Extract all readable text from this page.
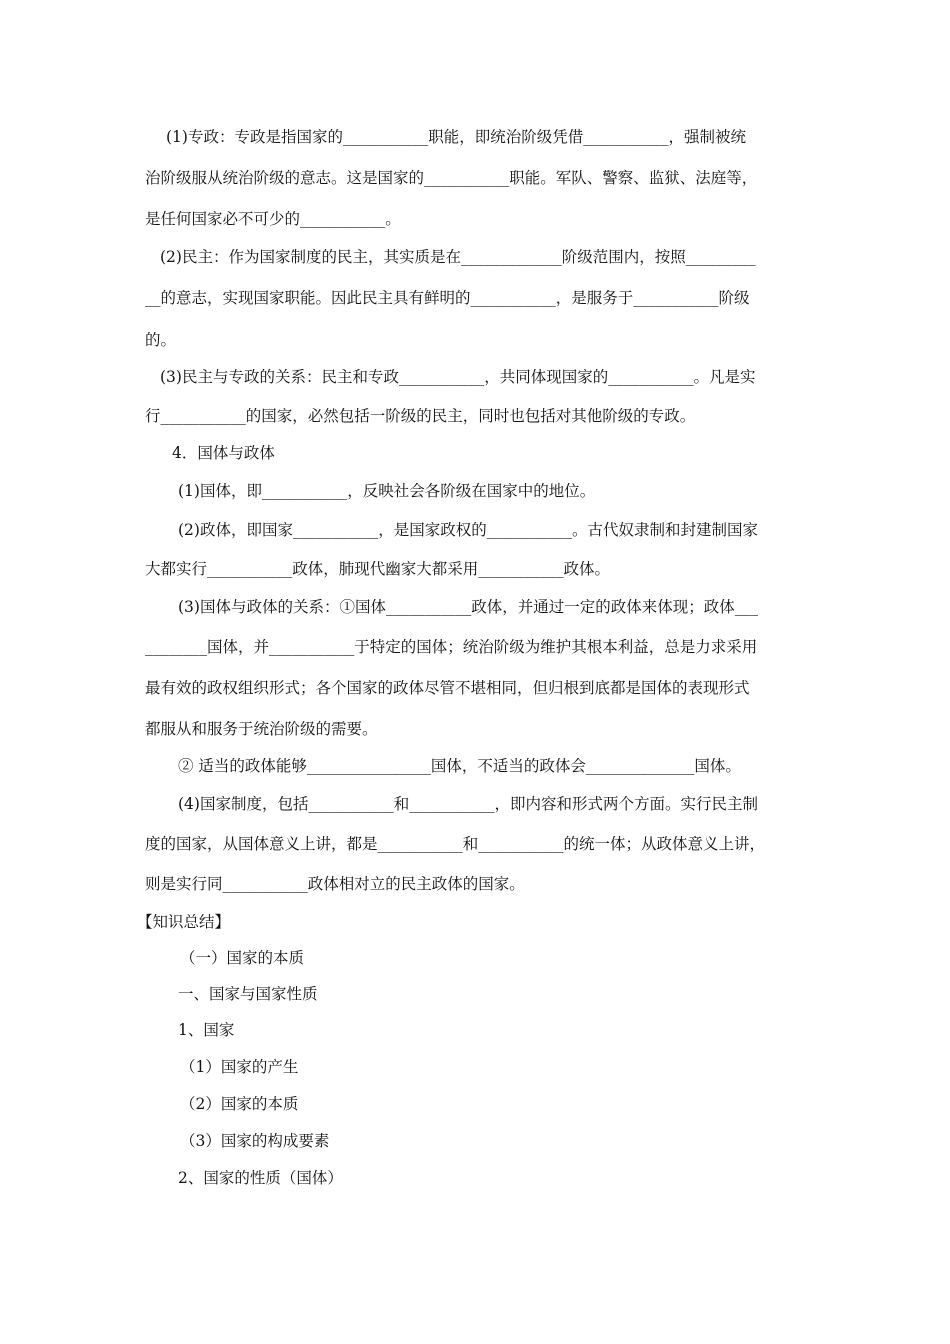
(1)专政：专政是指国家的___________职能，即统治阶级凭借___________，强制被统
治阶级服从统治阶级的意志。这是国家的___________职能。军队、警察、监狱、法庭等，
是任何国家必不可少的___________。
(2)民主：作为国家制度的民主，其实质是在_____________阶级范围内，按照_________
__的意志，实现国家职能。因此民主具有鲜明的___________，是服务于___________阶级
的。
(3)民主与专政的关系：民主和专政___________，共同体现国家的___________。凡是实
行___________的国家，必然包括一阶级的民主，同时也包括对其他阶级的专政。
4．国体与政体
(1)国体，即___________，反映社会各阶级在国家中的地位。
(2)政体，即国家___________，是国家政权的___________。古代奴隶制和封建制国家
大都实行___________政体，肺现代幽家大都采用___________政体。
(3)国体与政体的关系：①国体___________政体，并通过一定的政体来体现；政体___
________国体，并___________于特定的国体；统治阶级为维护其根本利益，总是力求采用
最有效的政权组织形式；各个国家的政体尽管不堪相同，但归根到底都是国体的表现形式
都服从和服务于统治阶级的需要。
② 适当的政体能够________________国体，不适当的政体会______________国体。
(4)国家制度，包括___________和___________，即内容和形式两个方面。实行民主制
度的国家，从国体意义上讲，都是___________和___________的统一体；从政体意义上讲，
则是实行同___________政体相对立的民主政体的国家。
【知识总结】
（一）国家的本质
一、国家与国家性质
1、国家
（1）国家的产生
（2）国家的本质
（3）国家的构成要素
2、国家的性质（国体）
